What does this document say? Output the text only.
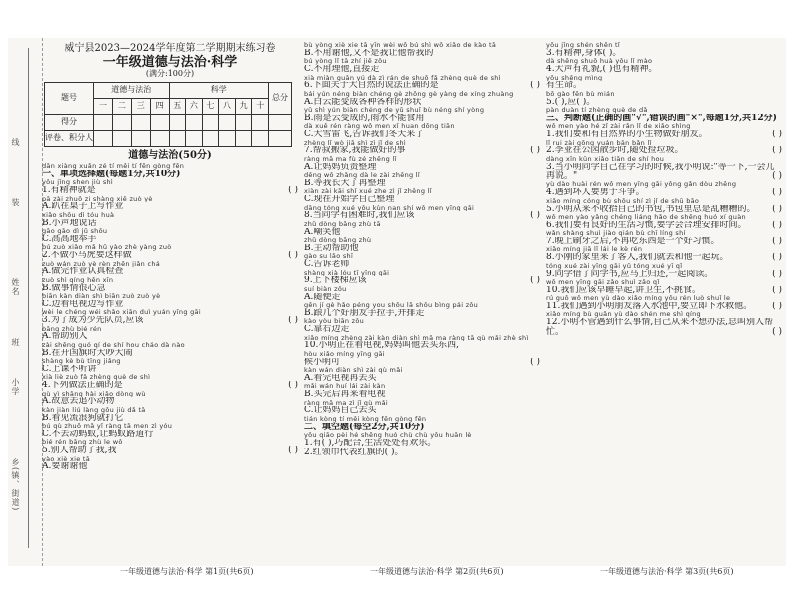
线
装
姓名
班
小学
乡(镇、街道)
威宁县2023—2024学年度第二学期期末练习卷
一年级道德与法治·科学
(满分:100分)
题号	道德与法治				科学						总分
	一	二	三	四	五	六	七	八	九	十	
得分											
评卷、积分人											
道德与法治(50分)
dān xiàng xuǎn zé tí měi tí fēn gòng fēn
一、单项选择题(每题1分,共10分)
yǒu jīng shen jiù shì
1.有精神就是	( )
pā zài zhuō zi shàng xiě zuò yè
A.趴在桌子上写作业
xiǎo shǒu dì tóu huà
B.小声地说话
gāo gāo dì jǔ shǒu
C.高高地举手
bú zuò xiǎo mǎ hǔ yào zhè yàng zuò
2.不做小马虎要这样做	( )
zuò wán zuò yè rèn zhēn jiǎn chá
A.做完作业认真检查
zuò shì qíng hěn xīn
B.做事情很心急
biān kàn diàn shì biān zuò zuò yè
C.边看电视边写作业
wèi le chéng wéi shǎo xiān duì yuán yīng gāi
3.为了成为少先队员,应该	( )
bāng zhù bié rén
A.帮助别人
zài shēng guó qí de shí hou cháo dà nào
B.在升国旗时大吵大闹
shàng kè bù tīng jiǎng
C.上课不听讲
xià liè zuò fǎ zhèng què de shì
4.下列做法正确的是	( )
gù yì shāng hài xiǎo dòng wù
A.故意去追小动物
kàn jiàn liú làng gǒu jiù dǎ tā
B.看见流浪狗就打它
bú qù zhuō mǎ yǐ ràng tā men zì yóu
C.不去动蚂蚁,让蚂蚁路道行
bié rén bāng zhù le wǒ
5.别人帮助了我,我	( )
yào xiè xie tā
A.要谢谢他
bù yòng xiè xie tā yīn wèi wǒ bú shì wǒ xiǎo de kào tā
B.不用谢他,又不是我让他帮我的
bú yòng lǐ tā zhí jiē zǒu
C.不用理他,直接走
xià miàn guān yú dà zì rán de shuō fǎ zhèng què de shì
6.下面关于大自然的说法正确的是	( )
bái yún néng biàn chéng gè zhǒng gè yàng de xíng zhuàng
A.白云能变成各种各样的形状
yǔ shì yún biàn chéng de yǔ shuǐ bù néng shí yòng
B.雨是云变成的,雨水不能食用
dà xuě rén ràng wǒ men xǐ huan dōng tiān
C.大雪雷飞,告诉我们冬天来了
zhèng lǐ wò jiā shì zì jǐ de shì
7.帮叔搬家,我能做好的事	( )
ràng mā ma fù zé zhěng lǐ
A.让妈妈负责整理
děng wǒ zhǎng dà le zài zhěng lǐ
B.等我长大了再整理
xiàn zài kāi shǐ xué zhe zì jǐ zhěng lǐ
C.现在开始学自己整理
dāng tóng xué yǒu kùn nan shí wǒ men yīng gāi
8.当同学有困难时,我们应该	( )
zhǔ dòng bāng zhù tā
A.嘲笑他
zhǔ dòng bāng zhù
B.主动帮助他
gào su lǎo shī
C.告诉老师
shàng xià lóu tī yīng gāi
9.上下楼梯应该	( )
suí biàn zǒu
A.随便走
gēn jí gè hǎo péng you shǒu lā shǒu bìng pái zǒu
B.跟几个好朋友手拉手,并排走
kào yòu biān zǒu
C.靠右边走
xiǎo míng zhèng zài kàn diàn shì mā ma ràng tā qù mǎi zhè shì
10.小明正在看电视,妈妈叫他去买东西,
hòu xiǎo míng yīng gāi
候小明可	( )
kàn wán diàn shì zài qù mǎi
A.看完电视再去买
mǎi wán huí lái zài kàn
B.买完后再来看电视
ràng mā ma zì jǐ qù mǎi
C.让妈妈自己去买
tián kòng tí měi kòng fēn gòng fēn
二、填空题(每空2分,共10分)
yǒu qiāo pèi hé shēng huó chù chù yǒu huān lè
1.有( ),巧配合,生活处处有欢乐。
2.红领巾代表红旗的( )。
yǒu jīng shén shēn tǐ
3.有精神,身体( )。
dà shēng shuō huà yǒu lǐ mào
4.大声有礼貌,( )也有精神。
yǒu shēng mìng
有生命。
bō gào fēn bù mián
5.( ),应( )。
pàn duàn tí zhèng què de dǎ
三、判断题(正确的画"√",错误的画"×",每题1分,共12分)
wǒ men yào hé zǐ zài rǎn lǐ de xiǎo shìng
1.我们要和有自然界的小生物做好朋友。	( )
lǐ rui zài gōng yuán bān bǎn lǐ
2.李亚在公园散步时,随处捡垃圾。	( )
dàng xīn kūn xiǎo tiān de shí hou
3.当小明同学自己在学习的时候,我小明说:"等一下,一会儿再说。"	( )
yù dào huài rén wǒ men yīng gāi yǒng gǎn dòu zhēng
4.遇到坏人要勇于斗争。	( )
xiǎo míng cóng bù shōu shí zì jǐ de shū bāo
5.小明从来不收拾自己的书包,书包里总是乱糟糟的。 ( )
wǒ men yào yǎng chéng liáng hǎo de shēng huó xí guàn
6.我们要有良好的生活习惯,要学会合理安排时间。	( )
wǎn shàng shuì jiào qián bù chī líng shí
7.晚上刷牙之后,不再吃东西是一个好习惯。	( )
xiǎo míng jiā lǐ lái le kè rén
8.小刚的家里来了客人,我们就去和他一起玩。	( )
tóng xué zài yīng gāi yǔ tóng xué yī qǐ
9.同学借了同学书,应马上归还,一起阅读。	( )
wǒ men yīng gāi zǎo shuì zǎo qǐ
10.我们应该早睡早起,讲卫生,不挑食。	( )
rú guǒ wǒ men yù dào xiǎo míng yǒu rén luò shuǐ le
11.我们遇到小明朋友落入水池中,要立即下水救他。 ( )
xiǎo míng bù guǎn yù dào shén me shì qíng
12.小明不管遇到什么事情,自己从来不想办法,总叫别人帮忙。	( )
一年级道德与法治·科学 第1页(共6页)	一年级道德与法治·科学 第2页(共6页)	一年级道德与法治·科学 第3页(共6页)
